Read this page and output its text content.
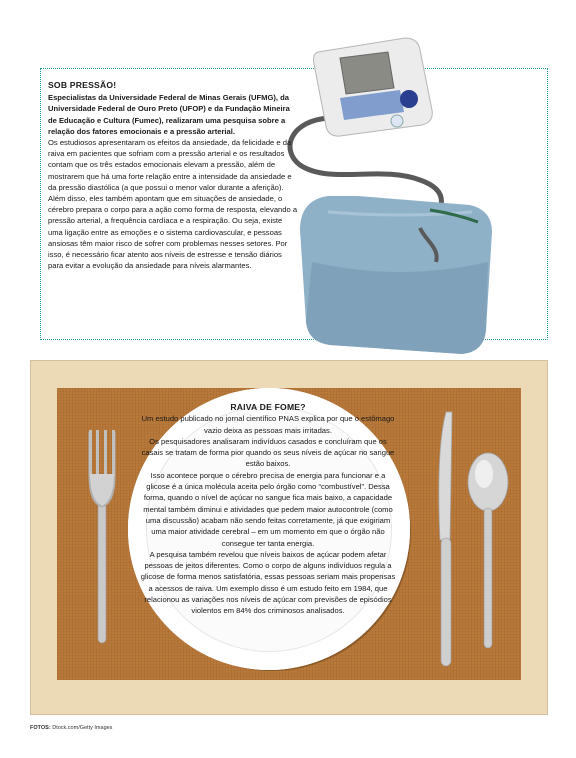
SOB PRESSÃO!

Especialistas da Universidade Federal de Minas Gerais (UFMG), da Universidade Federal de Ouro Preto (UFOP) e da Fundação Mineira de Educação e Cultura (Fumec), realizaram uma pesquisa sobre a relação dos fatores emocionais e a pressão arterial.

Os estudiosos apresentaram os efeitos da ansiedade, da felicidade e da raiva em pacientes que sofriam com a pressão arterial e os resultados contam que os três estados emocionais elevam a pressão, além de mostrarem que há uma forte relação entre a intensidade da ansiedade e da pressão diastólica (a que possui o menor valor durante a aferição).

Além disso, eles também apontam que em situações de ansiedade, o cérebro prepara o corpo para a ação como forma de resposta, elevando a pressão arterial, a frequência cardíaca e a respiração. Ou seja, existe uma ligação entre as emoções e o sistema cardiovascular, e pessoas ansiosas têm maior risco de sofrer com problemas nesses setores. Por isso, é necessário ficar atento aos níveis de estresse e tensão diários para evitar a evolução da ansiedade para níveis alarmantes.

RAIVA DE FOME?

Um estudo publicado no jornal científico PNAS explica por que o estômago vazio deixa as pessoas mais irritadas.

Os pesquisadores analisaram indivíduos casados e concluíram que os casais se tratam de forma pior quando os seus níveis de açúcar no sangue estão baixos.

Isso acontece porque o cérebro precisa de energia para funcionar e a glicose é a única molécula aceita pelo órgão como “combustível”. Dessa forma, quando o nível de açúcar no sangue fica mais baixo, a capacidade mental também diminui e atividades que pedem maior autocontrole (como uma discussão) acabam não sendo feitas corretamente, já que exigiriam uma maior atividade cerebral – em um momento em que o órgão não consegue ter tanta energia.

A pesquisa também revelou que níveis baixos de açúcar podem afetar pessoas de jeitos diferentes. Como o corpo de alguns indivíduos regula a glicose de forma menos satisfatória, essas pessoas seriam mais propensas a acessos de raiva. Um exemplo disso é um estudo feito em 1984, que relacionou as variações nos níveis de açúcar com previsões de episódios violentos em 84% dos criminosos analisados.

FOTOS: Dtock.com/Getty Images
